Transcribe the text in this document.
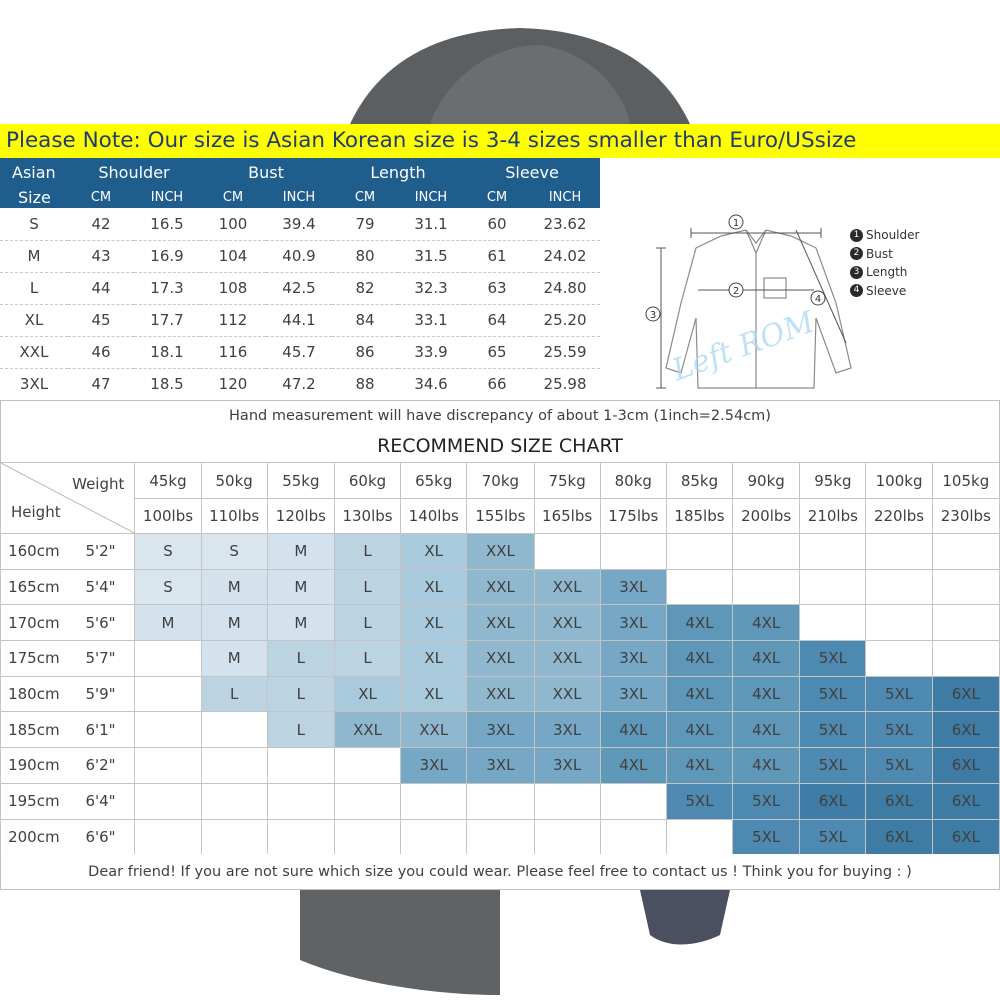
Please Note: Our size is Asian Korean size is 3-4 sizes smaller than Euro/USsize
Asian	Shoulder		Bust		Length		Sleeve	
Size	CM	INCH	CM	INCH	CM	INCH	CM	INCH
S	42	16.5	100	39.4	79	31.1	60	23.62
M	43	16.9	104	40.9	80	31.5	61	24.02
L	44	17.3	108	42.5	82	32.3	63	24.80
XL	45	17.7	112	44.1	84	33.1	64	25.20
XXL	46	18.1	116	45.7	86	33.9	65	25.59
3XL	47	18.5	120	47.2	88	34.6	66	25.98
1
2
3
4
Left ROM
1 Shoulder
2 Bust
3 Length
4 Sleeve
Hand measurement will have discrepancy of about 1-3cm (1inch=2.54cm)
RECOMMEND SIZE CHART
Weight
Height		45kg	50kg	55kg	60kg	65kg	70kg	75kg	80kg	85kg	90kg	95kg	100kg	105kg
		100lbs	110lbs	120lbs	130lbs	140lbs	155lbs	165lbs	175lbs	185lbs	200lbs	210lbs	220lbs	230lbs
160cm	5'2"	S	S	M	L	XL	XXL							
165cm	5'4"	S	M	M	L	XL	XXL	XXL	3XL					
170cm	5'6"	M	M	M	L	XL	XXL	XXL	3XL	4XL	4XL			
175cm	5'7"		M	L	L	XL	XXL	XXL	3XL	4XL	4XL	5XL		
180cm	5'9"		L	L	XL	XL	XXL	XXL	3XL	4XL	4XL	5XL	5XL	6XL
185cm	6'1"			L	XXL	XXL	3XL	3XL	4XL	4XL	4XL	5XL	5XL	6XL
190cm	6'2"					3XL	3XL	3XL	4XL	4XL	4XL	5XL	5XL	6XL
195cm	6'4"									5XL	5XL	6XL	6XL	6XL
200cm	6'6"										5XL	5XL	6XL	6XL
Dear friend! If you are not sure which size you could wear. Please feel free to contact us ! Think you for buying : )
